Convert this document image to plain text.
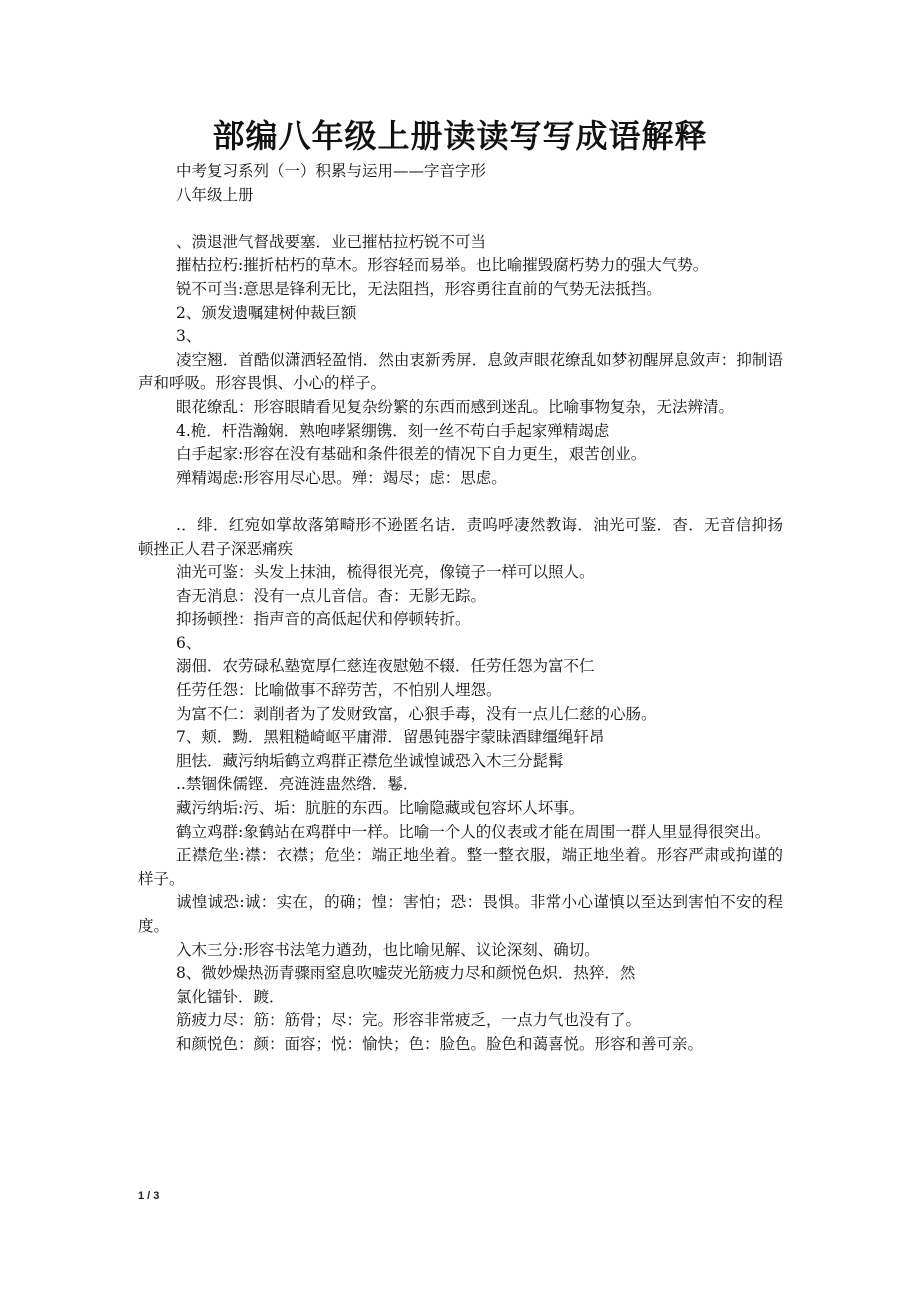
部编八年级上册读读写写成语解释

中考复习系列（一）积累与运用——字音字形

八年级上册

、溃退泄气督战要塞．业已摧枯拉朽锐不可当

摧枯拉朽:摧折枯朽的草木。形容轻而易举。也比喻摧毁腐朽势力的强大气势。

锐不可当:意思是锋利无比，无法阻挡，形容勇往直前的气势无法抵挡。

2、颁发遗嘱建树仲裁巨额

3、

凌空翘．首酷似潇洒轻盈悄．然由衷新秀屏．息敛声眼花缭乱如梦初醒屏息敛声：抑制语声和呼吸。形容畏惧、小心的样子。

眼花缭乱：形容眼睛看见复杂纷繁的东西而感到迷乱。比喻事物复杂，无法辨清。

4.桅．杆浩瀚娴．熟咆哮紧绷镌．刻一丝不苟白手起家殚精竭虑

白手起家:形容在没有基础和条件很差的情况下自力更生，艰苦创业。

殚精竭虑:形容用尽心思。殚：竭尽；虑：思虑。

.．绯．红宛如掌故落第畸形不逊匿名诘．责呜呼凄然教诲．油光可鉴．杳．无音信抑扬顿挫正人君子深恶痛疾

油光可鉴：头发上抹油，梳得很光亮，像镜子一样可以照人。

杳无消息：没有一点儿音信。杳：无影无踪。

抑扬顿挫：指声音的高低起伏和停顿转折。

6、

溺佃．农劳碌私塾宽厚仁慈连夜慰勉不辍．任劳任怨为富不仁

任劳任怨：比喻做事不辞劳苦，不怕别人埋怨。

为富不仁：剥削者为了发财致富，心狠手毒，没有一点儿仁慈的心肠。

7、颊．黝．黑粗糙崎岖平庸滞．留愚钝器宇蒙昧酒肆缰绳轩昂

胆怯．藏污纳垢鹤立鸡群正襟危坐诚惶诚恐入木三分髭髯

..禁锢侏儒铿．亮涟涟蛊然绺．鬈．

藏污纳垢:污、垢：肮脏的东西。比喻隐藏或包容坏人坏事。

鹤立鸡群:象鹤站在鸡群中一样。比喻一个人的仪表或才能在周围一群人里显得很突出。

正襟危坐:襟：衣襟；危坐：端正地坐着。整一整衣服，端正地坐着。形容严肃或拘谨的样子。

诚惶诚恐:诚：实在，的确；惶：害怕；恐：畏惧。非常小心谨慎以至达到害怕不安的程度。

入木三分:形容书法笔力遒劲，也比喻见解、议论深刻、确切。

8、微妙燥热沥青骤雨窒息吹嘘荧光筋疲力尽和颜悦色炽．热猝．然

氯化镭钋．踱．

筋疲力尽：筋：筋骨；尽：完。形容非常疲乏，一点力气也没有了。

和颜悦色：颜：面容；悦：愉快；色：脸色。脸色和蔼喜悦。形容和善可亲。

1 / 3
